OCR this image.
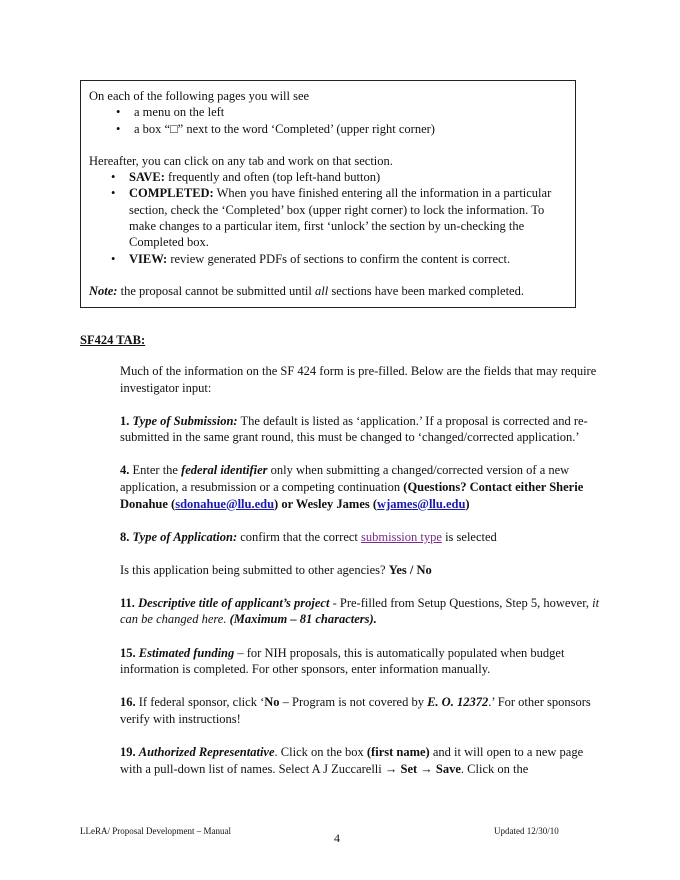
On each of the following pages you will see

• a menu on the left
• a box “□” next to the word ‘Completed’ (upper right corner)

Hereafter, you can click on any tab and work on that section.

• SAVE: frequently and often (top left-hand button)
• COMPLETED: When you have finished entering all the information in a particular section, check the ‘Completed’ box (upper right corner) to lock the information. To make changes to a particular item, first ‘unlock’ the section by un-checking the Completed box.
• VIEW: review generated PDFs of sections to confirm the content is correct.

Note: the proposal cannot be submitted until all sections have been marked completed.

SF424 TAB:

Much of the information on the SF 424 form is pre-filled. Below are the fields that may require investigator input:

1. Type of Submission: The default is listed as ‘application.’ If a proposal is corrected and re-submitted in the same grant round, this must be changed to ‘changed/corrected application.’

4. Enter the federal identifier only when submitting a changed/corrected version of a new application, a resubmission or a competing continuation (Questions? Contact either Sherie Donahue (sdonahue@llu.edu) or Wesley James (wjames@llu.edu)

8. Type of Application: confirm that the correct submission type is selected

Is this application being submitted to other agencies? Yes / No

11. Descriptive title of applicant’s project - Pre-filled from Setup Questions, Step 5, however, it can be changed here. (Maximum – 81 characters).

15. Estimated funding – for NIH proposals, this is automatically populated when budget information is completed. For other sponsors, enter information manually.

16. If federal sponsor, click ‘No – Program is not covered by E. O. 12372.’ For other sponsors verify with instructions!

19. Authorized Representative. Click on the box (first name) and it will open to a new page with a pull-down list of names. Select A J Zuccarelli → Set → Save. Click on the

LLeRA/ Proposal Development – Manual	4	Updated 12/30/10
